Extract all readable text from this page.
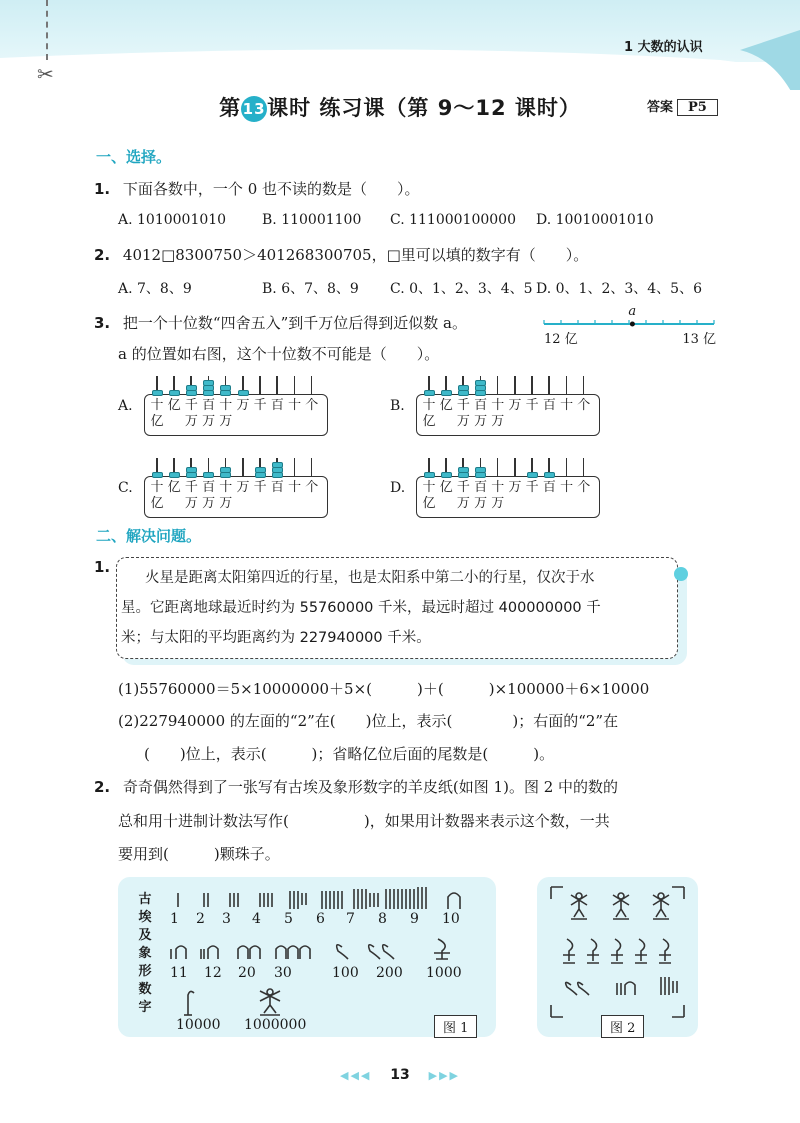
✂
1 大数的认识
第 13课时 练习课（第 9～12 课时）	答案 P5
一、选择。
1. 下面各数中，一个 0 也不读的数是（　　）。
A. 1010001010	B. 110001100 C. 111000100000 D. 10010001010
2. 4012□8300750＞401268300705，□里可以填的数字有（　　）。
A. 7、8、9	B. 6、7、8、9 C. 0、1、2、3、4、5 D. 0、1、2、3、4、5、6
3. 把一个十位数“四舍五入”到千万位后得到近似数 a。
a 的位置如右图，这个十位数不可能是（　　）。
a
12 亿	13 亿
A. 十亿
亿 千万
百万
十万
万 千 百 十 个	B. 十亿
亿 千万
百万
十万
万 千 百 十 个
C. 十亿
亿 千万
百万
十万
万 千 百 十 个	D. 十亿
亿 千万
百万
十万
万 千 百 十 个
二、解决问题。
1.
火星是距离太阳第四近的行星，也是太阳系中第二小的行星，仅次于水
星。它距离地球最近时约为 55760000 千米，最远时超过 400000000 千
米；与太阳的平均距离约为 227940000 千米。
(1)55760000＝5×10000000＋5×(　　　)＋(　　　)×100000＋6×10000
(2)227940000 的左面的“2”在(　　)位上，表示(　　　　)；右面的“2”在
(　　)位上，表示(　　　)；省略亿位后面的尾数是(　　　)。
2. 奇奇偶然得到了一张写有古埃及象形数字的羊皮纸(如图 1)。图 2 中的数的
总和用十进制计数法写作(　　　　　)，如果用计数器来表示这个数，一共
要用到(　　　)颗珠子。
古
埃
及
象
形
数
字
1 2 3 4 5 6 7 8 9 10
11 12 20 30	100 200 1000
10000 1000000	图 1	图 2
◀◀◀ 13 ▶▶▶
